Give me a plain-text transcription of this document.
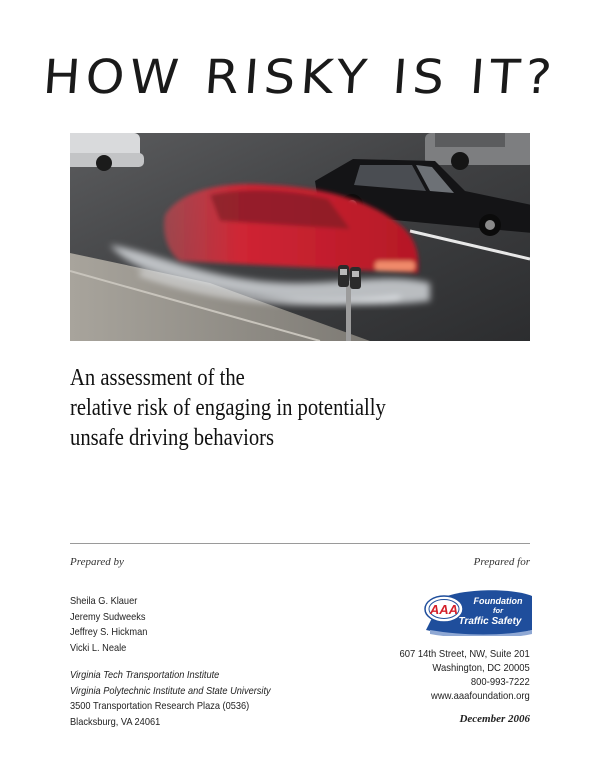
HOW RISKY IS IT?
An assessment of the
relative risk of engaging in potentially
unsafe driving behaviors
Prepared by	Prepared for
Sheila G. Klauer
Jeremy Sudweeks
Jeffrey S. Hickman
Vicki L. Neale
Virginia Tech Transportation Institute
Virginia Polytechnic Institute and State University
3500 Transportation Research Plaza (0536)
Blacksburg, VA 24061
AAA
Foundation
for
Traffic Safety
607 14th Street, NW, Suite 201
Washington, DC 20005
800-993-7222
www.aaafoundation.org
December 2006
